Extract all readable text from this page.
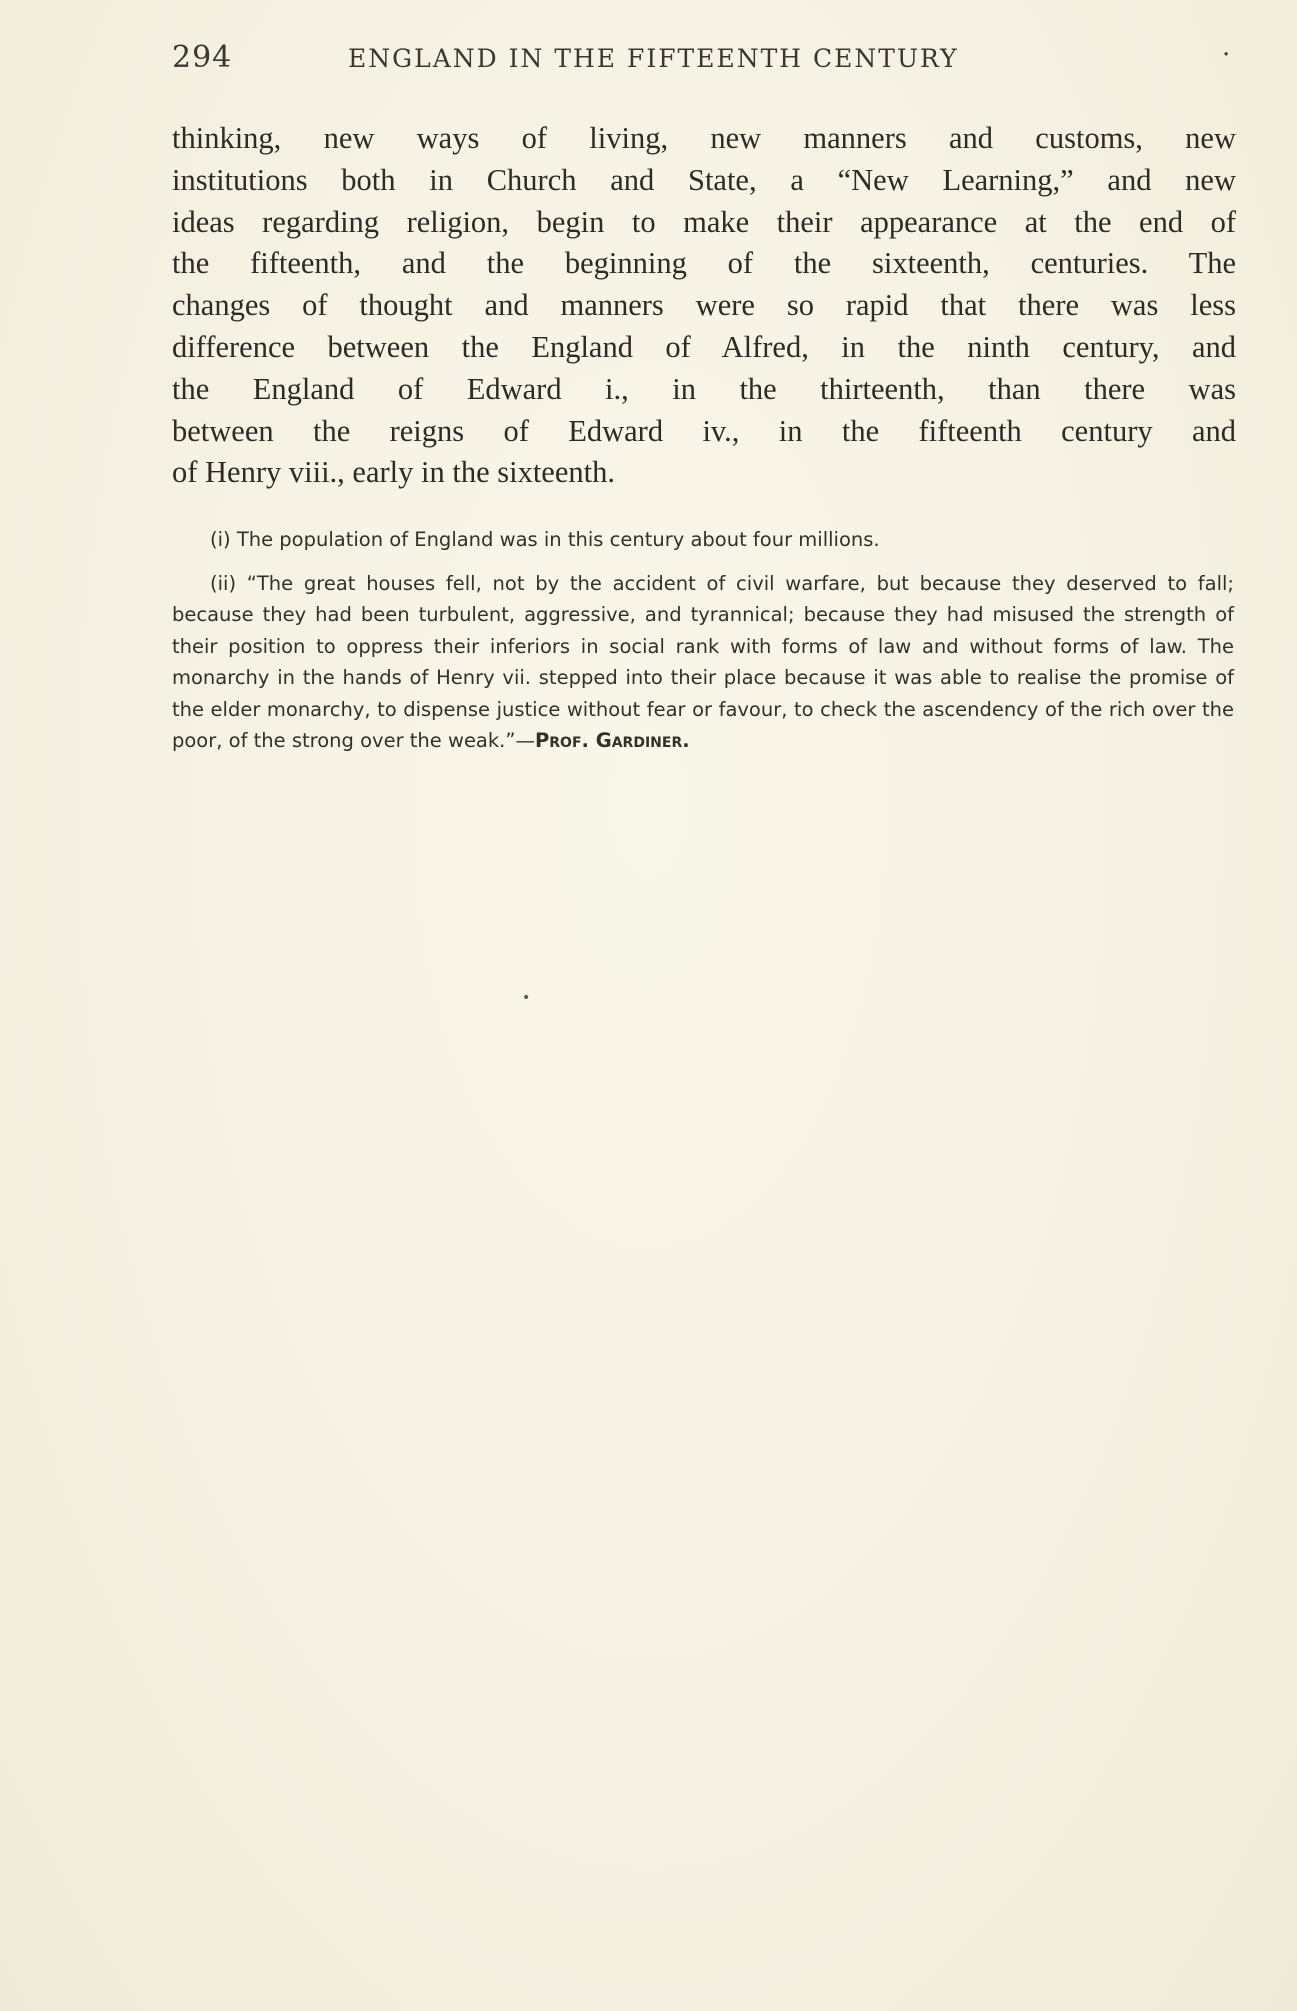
294	ENGLAND IN THE FIFTEENTH CENTURY	·

thinking, new ways of living, new manners and customs, new
institutions both in Church and State, a “New Learning,” and new
ideas regarding religion, begin to make their appearance at the end of
the fifteenth, and the beginning of the sixteenth, centuries. The
changes of thought and manners were so rapid that there was less
difference between the England of Alfred, in the ninth century, and
the England of Edward i., in the thirteenth, than there was
between the reigns of Edward iv., in the fifteenth century and
of Henry viii., early in the sixteenth.

(i) The population of England was in this century about four millions.

(ii) “The great houses fell, not by the accident of civil warfare, but because they deserved to fall; because they had been turbulent, aggressive, and tyrannical; because they had misused the strength of their position to oppress their inferiors in social rank with forms of law and without forms of law. The monarchy in the hands of Henry vii. stepped into their place because it was able to realise the promise of the elder monarchy, to dispense justice without fear or favour, to check the ascendency of the rich over the poor, of the strong over the weak.”—Prof. Gardiner.

•
